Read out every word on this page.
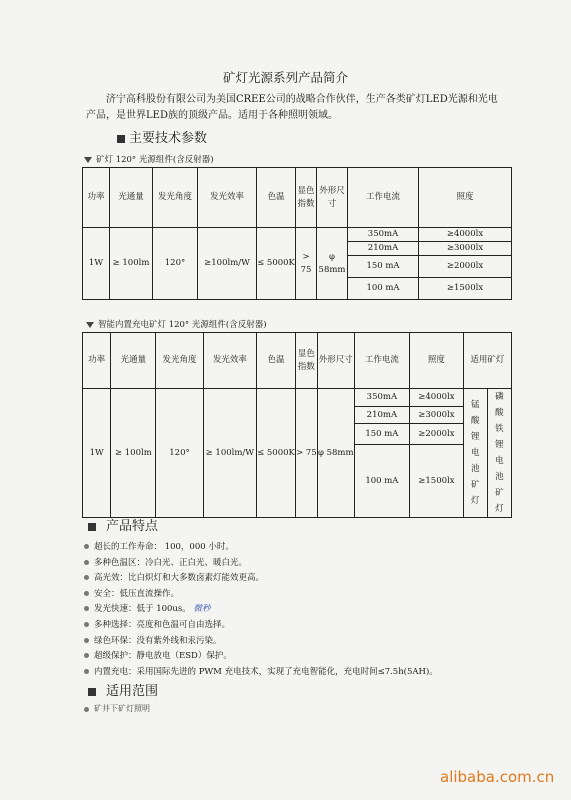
矿灯光源系列产品简介
济宁高科股份有限公司为美国CREE公司的战略合作伙伴，生产各类矿灯LED光源和光电产品，是世界LED族的顶级产品。适用于各种照明领域。
主要技术参数
矿灯 120° 光源组件(含反射器)
功率	光通量	发光角度	发光效率	色温	显色指数	外形尺寸	工作电流	照度
1W	≥ 100lm	120°	≥100lm/W	≤ 5000K	> 75	φ 58mm	350mA	≥4000lx
							210mA	≥3000lx
							150 mA	≥2000lx
							100 mA	≥1500lx
智能内置充电矿灯 120° 光源组件(含反射器)
功率	光通量	发光角度	发光效率	色温	显色指数	外形尺寸	工作电流	照度	适用矿灯	
1W	≥ 100lm	120°	≥ 100lm/W	≤ 5000K	> 75	φ 58mm	350mA	≥4000lx	锰酸锂电池矿灯	磷酸铁锂电池矿灯

							210mA	≥3000lx		
							150 mA	≥2000lx		
							100 mA	≥1500lx		
产品特点
超长的工作寿命： 100，000 小时。
多种色温区：冷白光、正白光、暖白光。
高光效：比白炽灯和大多数卤素灯能效更高。
安全：低压直流操作。
发光快速：低于 100us。 微秒
多种选择：亮度和色温可自由选择。
绿色环保：没有紫外线和汞污染。
超级保护：静电放电（ESD）保护。
内置充电：采用国际先进的 PWM 充电技术，实现了充电智能化，充电时间≤7.5h(5AH)。
适用范围
矿井下矿灯照明
alibaba.com.cn
